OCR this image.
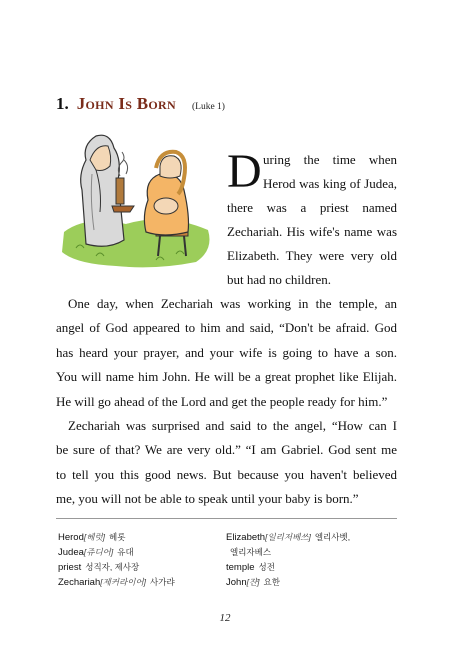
1. John Is Born (Luke 1)
D uring the time when
Herod was king of Judea,
there was a priest named
Zechariah. His wife's name was
Elizabeth. They were very old
but had no children.
One day, when Zechariah was working in the temple, an
angel of God appeared to him and said, “Don't be afraid. God
has heard your prayer, and your wife is going to have a son.
You will name him John. He will be a great prophet like Elijah.
He will go ahead of the Lord and get the people ready for him.”
Zechariah was surprised and said to the angel, “How can I
be sure of that? We are very old.” “I am Gabriel. God sent me
to tell you this good news. But because you haven't believed
me, you will not be able to speak until your baby is born.”
Herod[헤럿] 헤롯
Judea[쥬디어] 유대
priest 성직자, 제사장
Zechariah[제커라이어] 사가랴
Elizabeth[일리저베쓰] 엘리사벳,
엘리자베스
temple 성전
John[쟌] 요한
12
